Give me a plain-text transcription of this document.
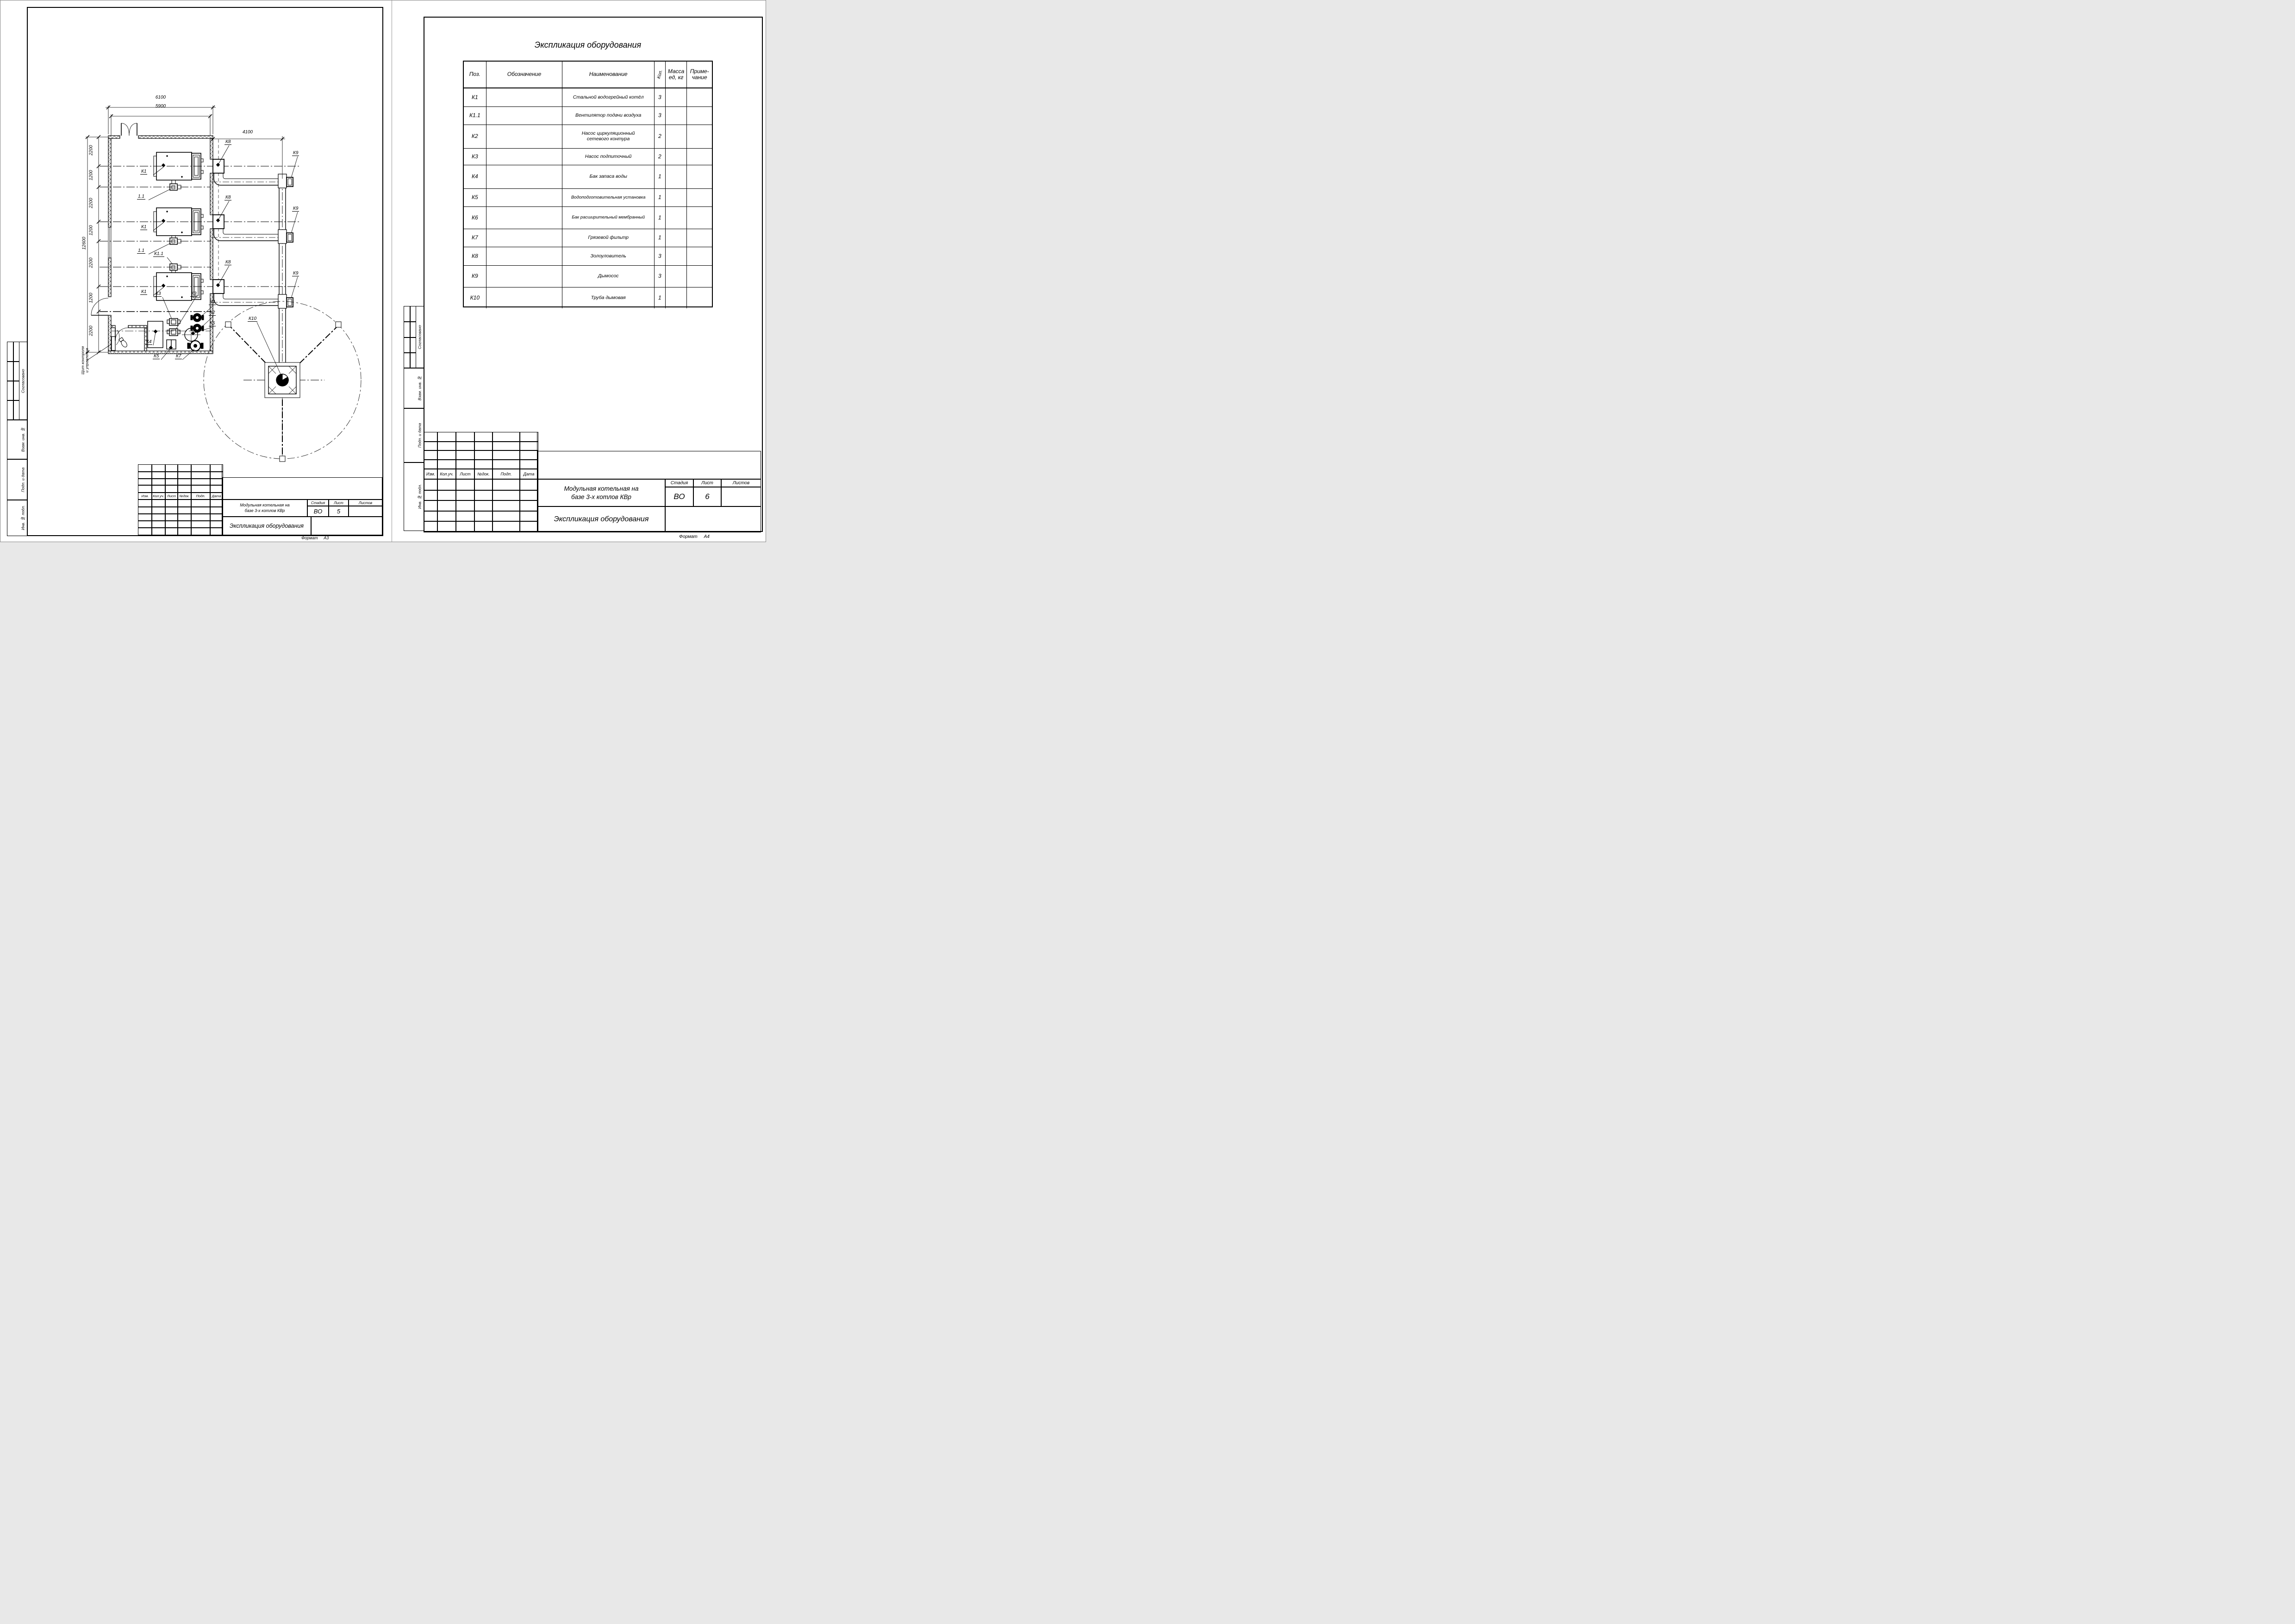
Согласовано
Взам. инв. №
Подп. и дата
Инв. № подл.
6100
5900
4100
12600
2200
1200
2200
1200
2200
1200
2200
К1
К1
К1
1.1
1.1
К1.1
К8
К8
К8
К9
К9
К9
К10
К3	К3
К2
К2
К6
К4
К5	К7
Щит контроля и управления
Изм.	Кол.уч. Лист №док.	Подп.	Дата
Модульная котельная на
базе 3-х котлов КВр
Стадия	Лист	Листов
ВО	5
Экспликация оборудования
Формат А3
Согласовано
Взам. инв. №
Подп. и дата
Инв. № подл.
Экспликация оборудования
Поз.	Обозначение	Наименование	Кол. Масса
ед, кг
Приме-
чание
К1	Стальной водогрейный котёл	3
К1.1	Вентилятор подачи воздуха	3
К2	Насос циркуляционный сетевого контура	2
К3	Насос подпиточный	2
К4	Бак запаса воды	1
К5	Водоподготовительная установка	1
К6	Бак расширительный мембранный	1
К7	Грязевой фильтр	1
К8	Золоуловитель	3
К9	Дымосос	3
К10	Труба дымовая	1
Изм.	Кол.уч.	Лист	№док.	Подп.	Дата
Модульная котельная на
базе 3-х котлов КВр
Стадия	Лист	Листов
ВО	6
Экспликация оборудования
Формат А4
